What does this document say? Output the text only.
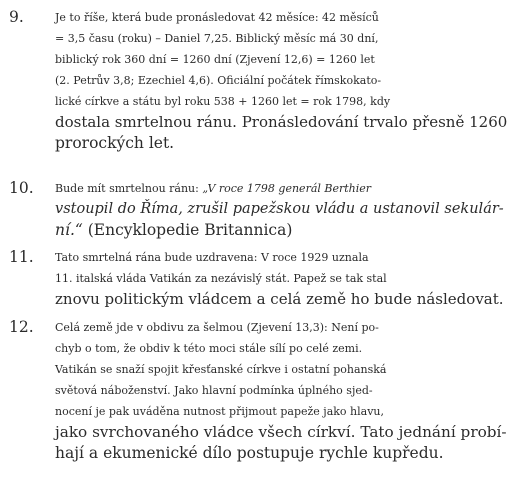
9.	Je to říše, která bude pronásledovat 42 měsíce: 42 měsíců
= 3,5 času (roku) – Daniel 7,25. Biblický měsíc má 30 dní,
biblický rok 360 dní = 1260 dní (Zjevení 12,6) = 1260 let
(2. Petrův 3,8; Ezechiel 4,6). Oficiální počátek římskokato-
lické církve a státu byl roku 538 + 1260 let = rok 1798, kdy
dostala smrtelnou ránu. Pronásledování trvalo přesně 1260
prorockých let.
10. Bude mít smrtelnou ránu: „V roce 1798 generál Berthier
vstoupil do Říma, zrušil papežskou vládu a ustanovil sekulár-
ní.“ (Encyklopedie Britannica)
11. Tato smrtelná rána bude uzdravena: V roce 1929 uznala
11. italská vláda Vatikán za nezávislý stát. Papež se tak stal
znovu politickým vládcem a celá země ho bude následovat.
12. Celá země jde v obdivu za šelmou (Zjevení 13,3): Není po-
chyb o tom, že obdiv k této moci stále sílí po celé zemi.
Vatikán se snaží spojit křesťanské církve i ostatní pohanská
světová náboženství. Jako hlavní podmínka úplného sjed-
nocení je pak uváděna nutnost přijmout papeže jako hlavu,
jako svrchovaného vládce všech církví. Tato jednání probí-
hají a ekumenické dílo postupuje rychle kupředu.
